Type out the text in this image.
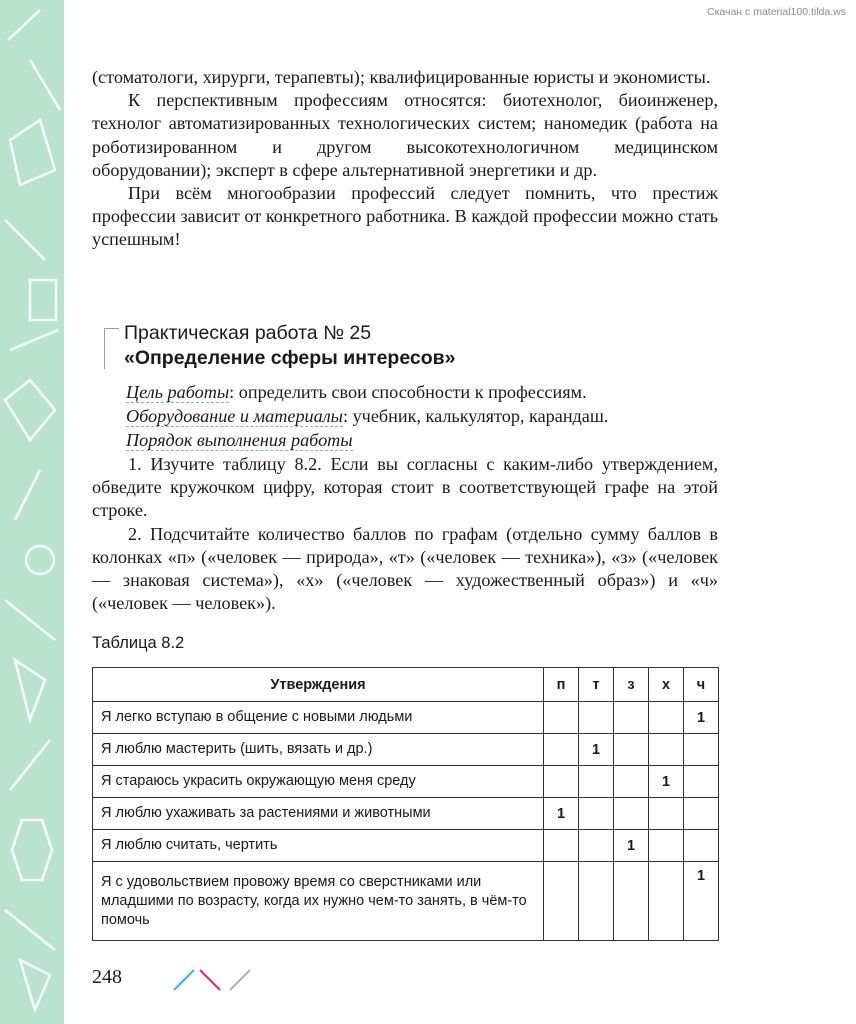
Скачан с material100.tilda.ws

(стоматологи, хирурги, терапевты); квалифицированные юристы и экономисты.

К перспективным профессиям относятся: биотехнолог, биоинженер, технолог автоматизированных технологических систем; наномедик (работа на роботизированном и другом высокотехнологичном медицинском оборудовании); эксперт в сфере альтернативной энергетики и др.

При всём многообразии профессий следует помнить, что престиж профессии зависит от конкретного работника. В каждой профессии можно стать успешным!

Практическая работа № 25
«Определение сферы интересов»
Цель работы: определить свои способности к профессиям.
Оборудование и материалы: учебник, калькулятор, карандаш.
Порядок выполнения работы

1. Изучите таблицу 8.2. Если вы согласны с каким-либо утверждением, обведите кружочком цифру, которая стоит в соответствующей графе на этой строке.

2. Подсчитайте количество баллов по графам (отдельно сумму баллов в колонках «п» («человек — природа», «т» («человек — техника»), «з» («человек — знаковая система»), «х» («человек — художественный образ») и «ч» («человек — человек»).

Таблица 8.2
Утверждения	п	т	з	х	ч
Я легко вступаю в общение с новыми людьми					1
Я люблю мастерить (шить, вязать и др.)		1			
Я стараюсь украсить окружающую меня среду				1	
Я люблю ухаживать за растениями и животными	1				
Я люблю считать, чертить			1		
Я с удовольствием провожу время со сверстниками или младшими по возрасту, когда их нужно чем-то занять, в чём-то помочь					1
248
